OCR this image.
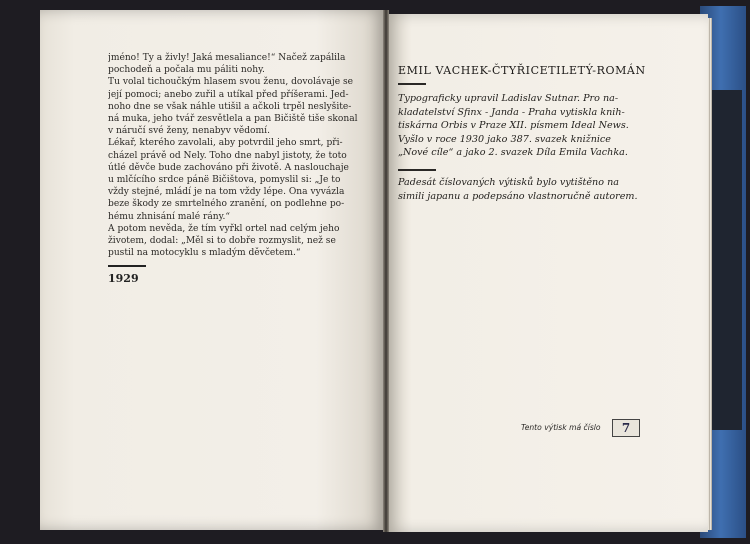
jméno! Ty a živly! Jaká mesaliance!“ Načež zapálila
pochodeň a počala mu páliti nohy.
Tu volal tichoučkým hlasem svou ženu, dovolávaje se
její pomoci; anebo zuřil a utíkal před příšerami. Jed-
noho dne se však náhle utišil a ačkoli trpěl neslyšite-
ná muka, jeho tvář zesvětlela a pan Bičiště tiše skonal
v náručí své ženy, nenabyv vědomí.
Lékař, kterého zavolali, aby potvrdil jeho smrt, při-
cházel právě od Nely. Toho dne nabyl jistoty, že toto
útlé děvče bude zachováno při životě. A naslouchaje
u mlčícího srdce pánë Bičištova, pomyslil si: „Je to
vždy stejné, mládí je na tom vždy lépe. Ona vyvázla
beze škody ze smrtelného zranění, on podlehne po-
hému zhnisání malé rány.“
A potom nevěda, že tím vyřkl ortel nad celým jeho
životem, dodal: „Měl si to dobře rozmyslit, než se
pustil na motocyklu s mladým děvčetem.“
1929
EMIL VACHEK-ČTYŘICETILETÝ-ROMÁN
Typograficky upravil Ladislav Sutnar. Pro na-
kladatelství Sfinx - Janda - Praha vytiskla knih-
tiskárna Orbis v Praze XII. písmem Ideal News.
Vyšlo v roce 1930 jako 387. svazek knižnice
„Nové cíle“ a jako 2. svazek Díla Emila Vachka.
Padesát číslovaných výtisků bylo vytištěno na
simili japanu a podepsáno vlastnoručně autorem.
Tento výtisk má číslo	7
